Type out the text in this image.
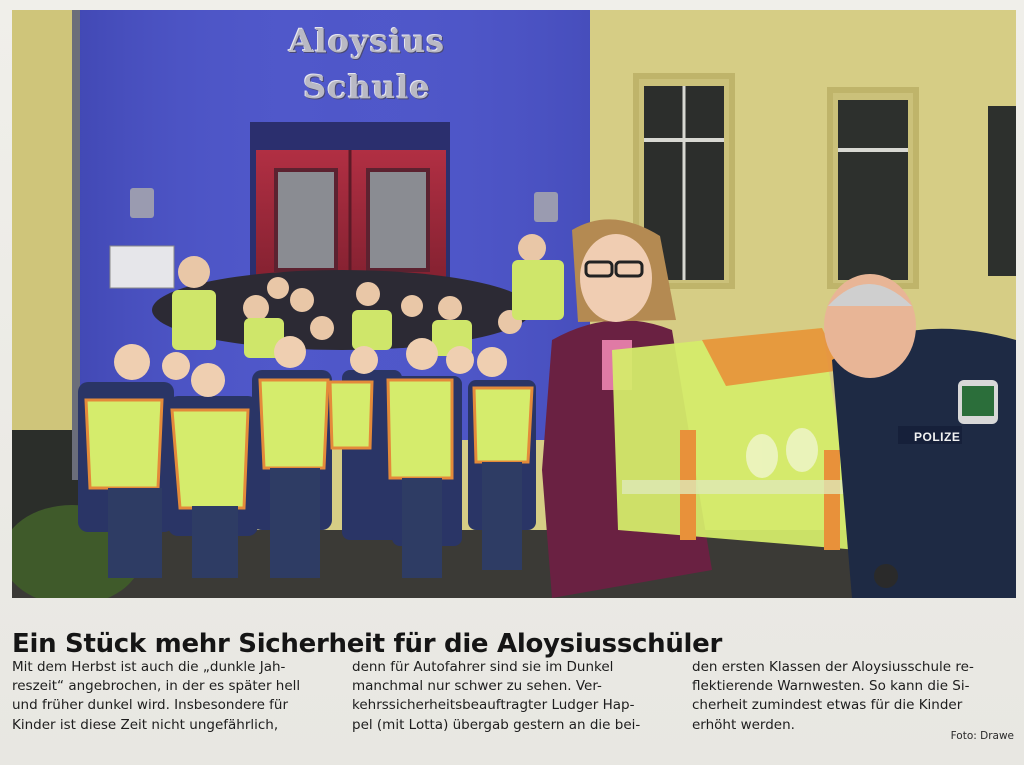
Aloysius
Schule
POLIZE
Ein Stück mehr Sicherheit für die Aloysiusschüler
Mit dem Herbst ist auch die „dunkle Jah-
reszeit“ angebrochen, in der es später hell
und früher dunkel wird. Insbesondere für
Kinder ist diese Zeit nicht ungefährlich,
denn für Autofahrer sind sie im Dunkel
manchmal nur schwer zu sehen. Ver-
kehrssicherheitsbeauftragter Ludger Hap-
pel (mit Lotta) übergab gestern an die bei-
den ersten Klassen der Aloysiusschule re-
flektierende Warnwesten. So kann die Si-
cherheit zumindest etwas für die Kinder
erhöht werden.
Foto: Drawe
